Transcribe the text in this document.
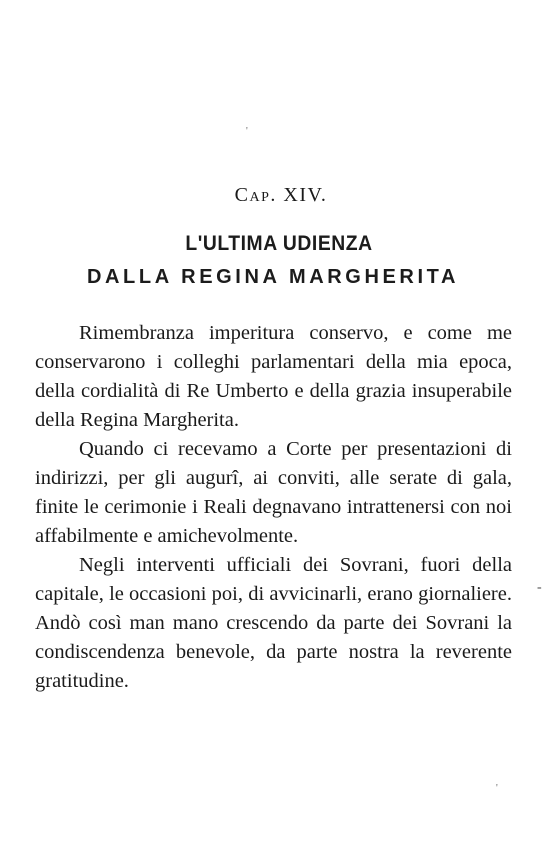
'
Cap. XIV.
L'ULTIMA UDIENZA
DALLA REGINA MARGHERITA

Rimembranza imperitura conservo, e come me conservarono i colleghi parlamentari della mia epoca, della cordialità di Re Umberto e della grazia insuperabile della Regina Margherita.

Quando ci recevamo a Corte per presentazioni di indirizzi, per gli augurî, ai conviti, alle serate di gala, finite le cerimonie i Reali degnavano intrattenersi con noi affabilmente e amichevolmente.

Negli interventi ufficiali dei Sovrani, fuori della capitale, le occasioni poi, di avvicinarli, erano giornaliere. Andò così man mano crescendo da parte dei Sovrani la condiscendenza benevole, da parte nostra la reverente gratitudine.

-
'
